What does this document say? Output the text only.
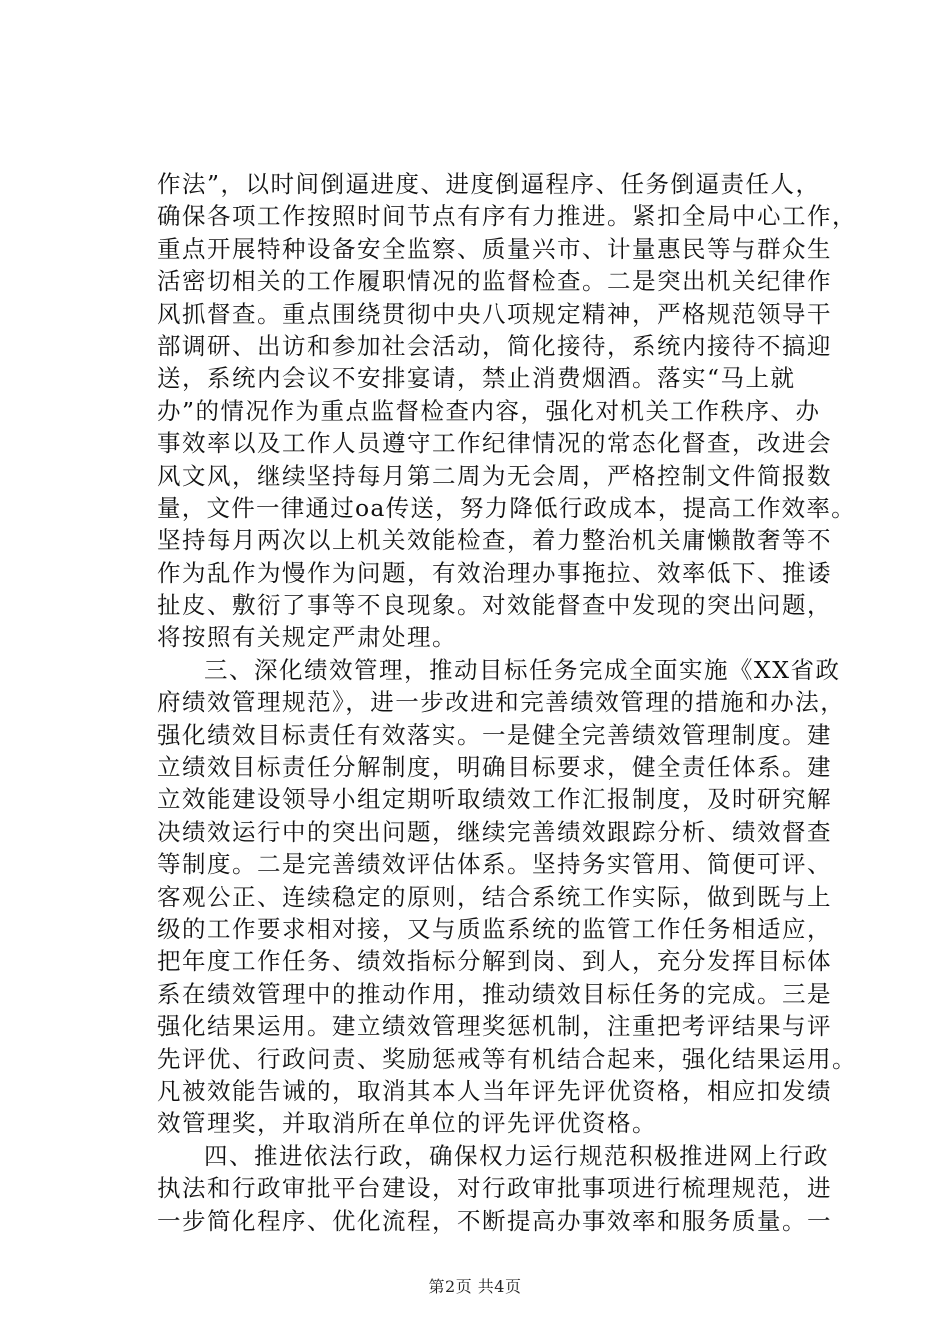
作法”，以时间倒逼进度、进度倒逼程序、任务倒逼责任人，
确保各项工作按照时间节点有序有力推进。紧扣全局中心工作，
重点开展特种设备安全监察、质量兴市、计量惠民等与群众生
活密切相关的工作履职情况的监督检查。二是突出机关纪律作
风抓督查。重点围绕贯彻中央八项规定精神，严格规范领导干
部调研、出访和参加社会活动，简化接待，系统内接待不搞迎
送，系统内会议不安排宴请，禁止消费烟酒。落实“马上就
办”的情况作为重点监督检查内容，强化对机关工作秩序、办
事效率以及工作人员遵守工作纪律情况的常态化督查，改进会
风文风，继续坚持每月第二周为无会周，严格控制文件简报数
量，文件一律通过oa传送，努力降低行政成本，提高工作效率。
坚持每月两次以上机关效能检查，着力整治机关庸懒散奢等不
作为乱作为慢作为问题，有效治理办事拖拉、效率低下、推诿
扯皮、敷衍了事等不良现象。对效能督查中发现的突出问题，
将按照有关规定严肃处理。
三、深化绩效管理，推动目标任务完成全面实施《XX省政
府绩效管理规范》，进一步改进和完善绩效管理的措施和办法，
强化绩效目标责任有效落实。一是健全完善绩效管理制度。建
立绩效目标责任分解制度，明确目标要求，健全责任体系。建
立效能建设领导小组定期听取绩效工作汇报制度，及时研究解
决绩效运行中的突出问题，继续完善绩效跟踪分析、绩效督查
等制度。二是完善绩效评估体系。坚持务实管用、简便可评、
客观公正、连续稳定的原则，结合系统工作实际，做到既与上
级的工作要求相对接，又与质监系统的监管工作任务相适应，
把年度工作任务、绩效指标分解到岗、到人，充分发挥目标体
系在绩效管理中的推动作用，推动绩效目标任务的完成。三是
强化结果运用。建立绩效管理奖惩机制，注重把考评结果与评
先评优、行政问责、奖励惩戒等有机结合起来，强化结果运用。
凡被效能告诫的，取消其本人当年评先评优资格，相应扣发绩
效管理奖，并取消所在单位的评先评优资格。
四、推进依法行政，确保权力运行规范积极推进网上行政
执法和行政审批平台建设，对行政审批事项进行梳理规范，进
一步简化程序、优化流程，不断提高办事效率和服务质量。一
第2页 共4页
